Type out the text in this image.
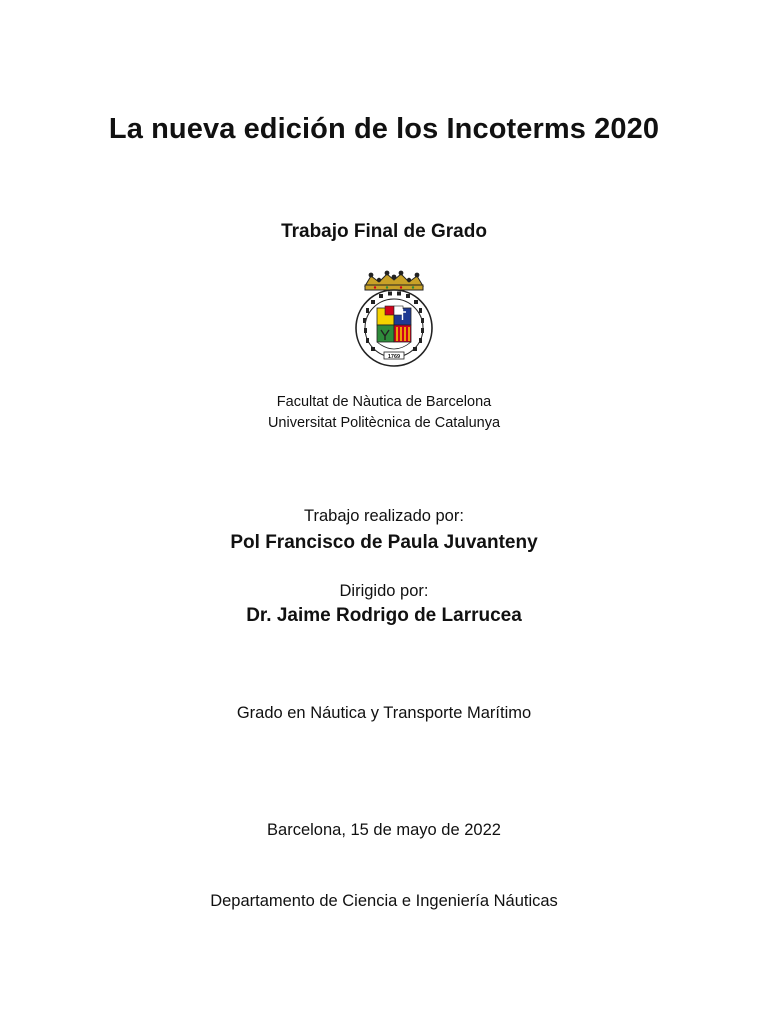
La nueva edición de los Incoterms 2020
Trabajo Final de Grado
1769
Facultat de Nàutica de Barcelona
Universitat Politècnica de Catalunya
Trabajo realizado por:
Pol Francisco de Paula Juvanteny
Dirigido por:
Dr. Jaime Rodrigo de Larrucea
Grado en Náutica y Transporte Marítimo
Barcelona, 15 de mayo de 2022
Departamento de Ciencia e Ingeniería Náuticas
